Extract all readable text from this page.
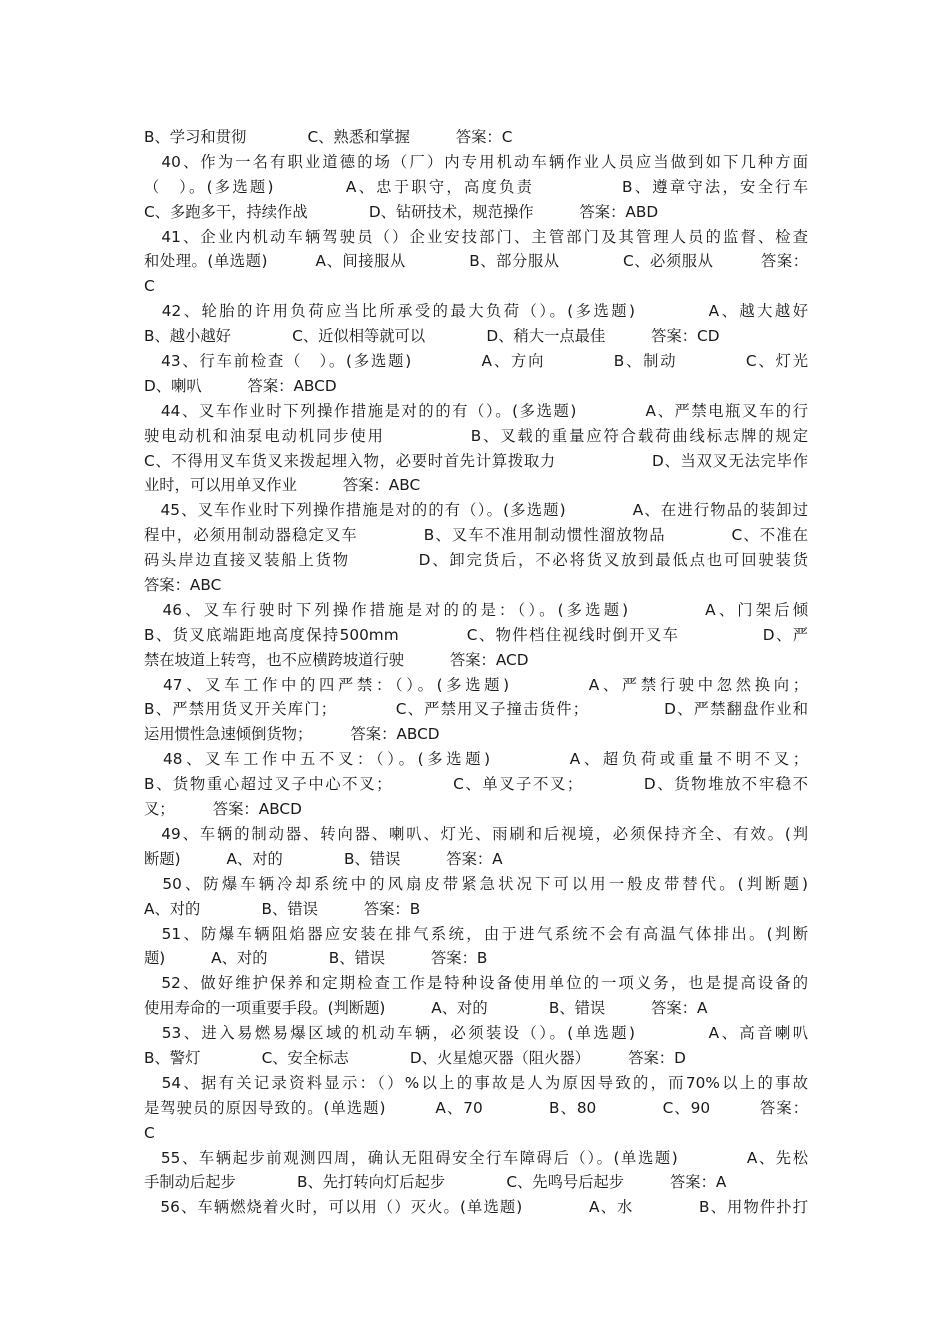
B、学习和贯彻　　　　C、熟悉和掌握　　　答案：C
　40、作为一名有职业道德的场（厂）内专用机动车辆作业人员应当做到如下几种方面
（　）。(多选题)　　　　A、忠于职守，高度负责　　　　　B、遵章守法，安全行车
C、多跑多干，持续作战　　　　D、钻研技术，规范操作　　　答案：ABD
　41、企业内机动车辆驾驶员（）企业安技部门、主管部门及其管理人员的监督、检查
和处理。(单选题)　　　A、间接服从　　　　B、部分服从　　　　C、必须服从　　　答案：
C
　42、轮胎的许用负荷应当比所承受的最大负荷（）。(多选题)　　　　A、越大越好
B、越小越好　　　　C、近似相等就可以　　　　D、稍大一点最佳　　　答案：CD
　43、行车前检查（　）。(多选题)　　　　A、方向　　　　B、制动　　　　C、灯光
D、喇叭　　　答案：ABCD
　44、叉车作业时下列操作措施是对的的有（）。(多选题)　　　　A、严禁电瓶叉车的行
驶电动机和油泵电动机同步使用　　　　　B、叉载的重量应符合载荷曲线标志牌的规定
C、不得用叉车货叉来拨起埋入物，必要时首先计算拨取力　　　　　　D、当双叉无法完毕作
业时，可以用单叉作业　　　答案：ABC
　45、叉车作业时下列操作措施是对的的有（）。(多选题)　　　　A、在进行物品的装卸过
程中，必须用制动器稳定叉车　　　　B、叉车不准用制动惯性溜放物品　　　　C、不准在
码头岸边直接叉装船上货物　　　　D、卸完货后，不必将货叉放到最低点也可回驶装货
答案：ABC
　46、叉车行驶时下列操作措施是对的的是：（）。(多选题)　　　　A、门架后倾
B、货叉底端距地高度保持500mm　　　　C、物件档住视线时倒开叉车　　　　　D、严
禁在坡道上转弯，也不应横跨坡道行驶　　　答案：ACD
　47、叉车工作中的四严禁：（）。(多选题)　　　　A、严禁行驶中忽然换向；
B、严禁用货叉开关库门；　　　　C、严禁用叉子撞击货件；　　　　　D、严禁翻盘作业和
运用惯性急速倾倒货物；　　　答案：ABCD
　48、叉车工作中五不叉：（）。(多选题)　　　　A、超负荷或重量不明不叉；
B、货物重心超过叉子中心不叉；　　　　C、单叉子不叉；　　　　D、货物堆放不牢稳不
叉；　　　答案：ABCD
　49、车辆的制动器、转向器、喇叭、灯光、雨刷和后视境，必须保持齐全、有效。(判
断题)　　　A、对的　　　　B、错误　　　答案：A
　50、防爆车辆冷却系统中的风扇皮带紧急状况下可以用一般皮带替代。(判断题)
A、对的　　　　B、错误　　　答案：B
　51、防爆车辆阻焰器应安装在排气系统，由于进气系统不会有高温气体排出。(判断
题)　　　A、对的　　　　B、错误　　　答案：B
　52、做好维护保养和定期检查工作是特种设备使用单位的一项义务，也是提高设备的
使用寿命的一项重要手段。(判断题)　　　A、对的　　　　B、错误　　　答案：A
　53、进入易燃易爆区域的机动车辆，必须装设（）。(单选题)　　　　A、高音喇叭
B、警灯　　　　C、安全标志　　　　D、火星熄灭器（阻火器）　　　答案：D
　54、据有关记录资料显示：（）%以上的事故是人为原因导致的，而70%以上的事故
是驾驶员的原因导致的。(单选题)　　　A、70　　　　B、80　　　　C、90　　　答案：
C
　55、车辆起步前观测四周，确认无阻碍安全行车障碍后（）。(单选题)　　　　A、先松
手制动后起步　　　　B、先打转向灯后起步　　　　C、先鸣号后起步　　　答案：A
　56、车辆燃烧着火时，可以用（）灭火。(单选题)　　　　A、水　　　　B、用物件扑打
